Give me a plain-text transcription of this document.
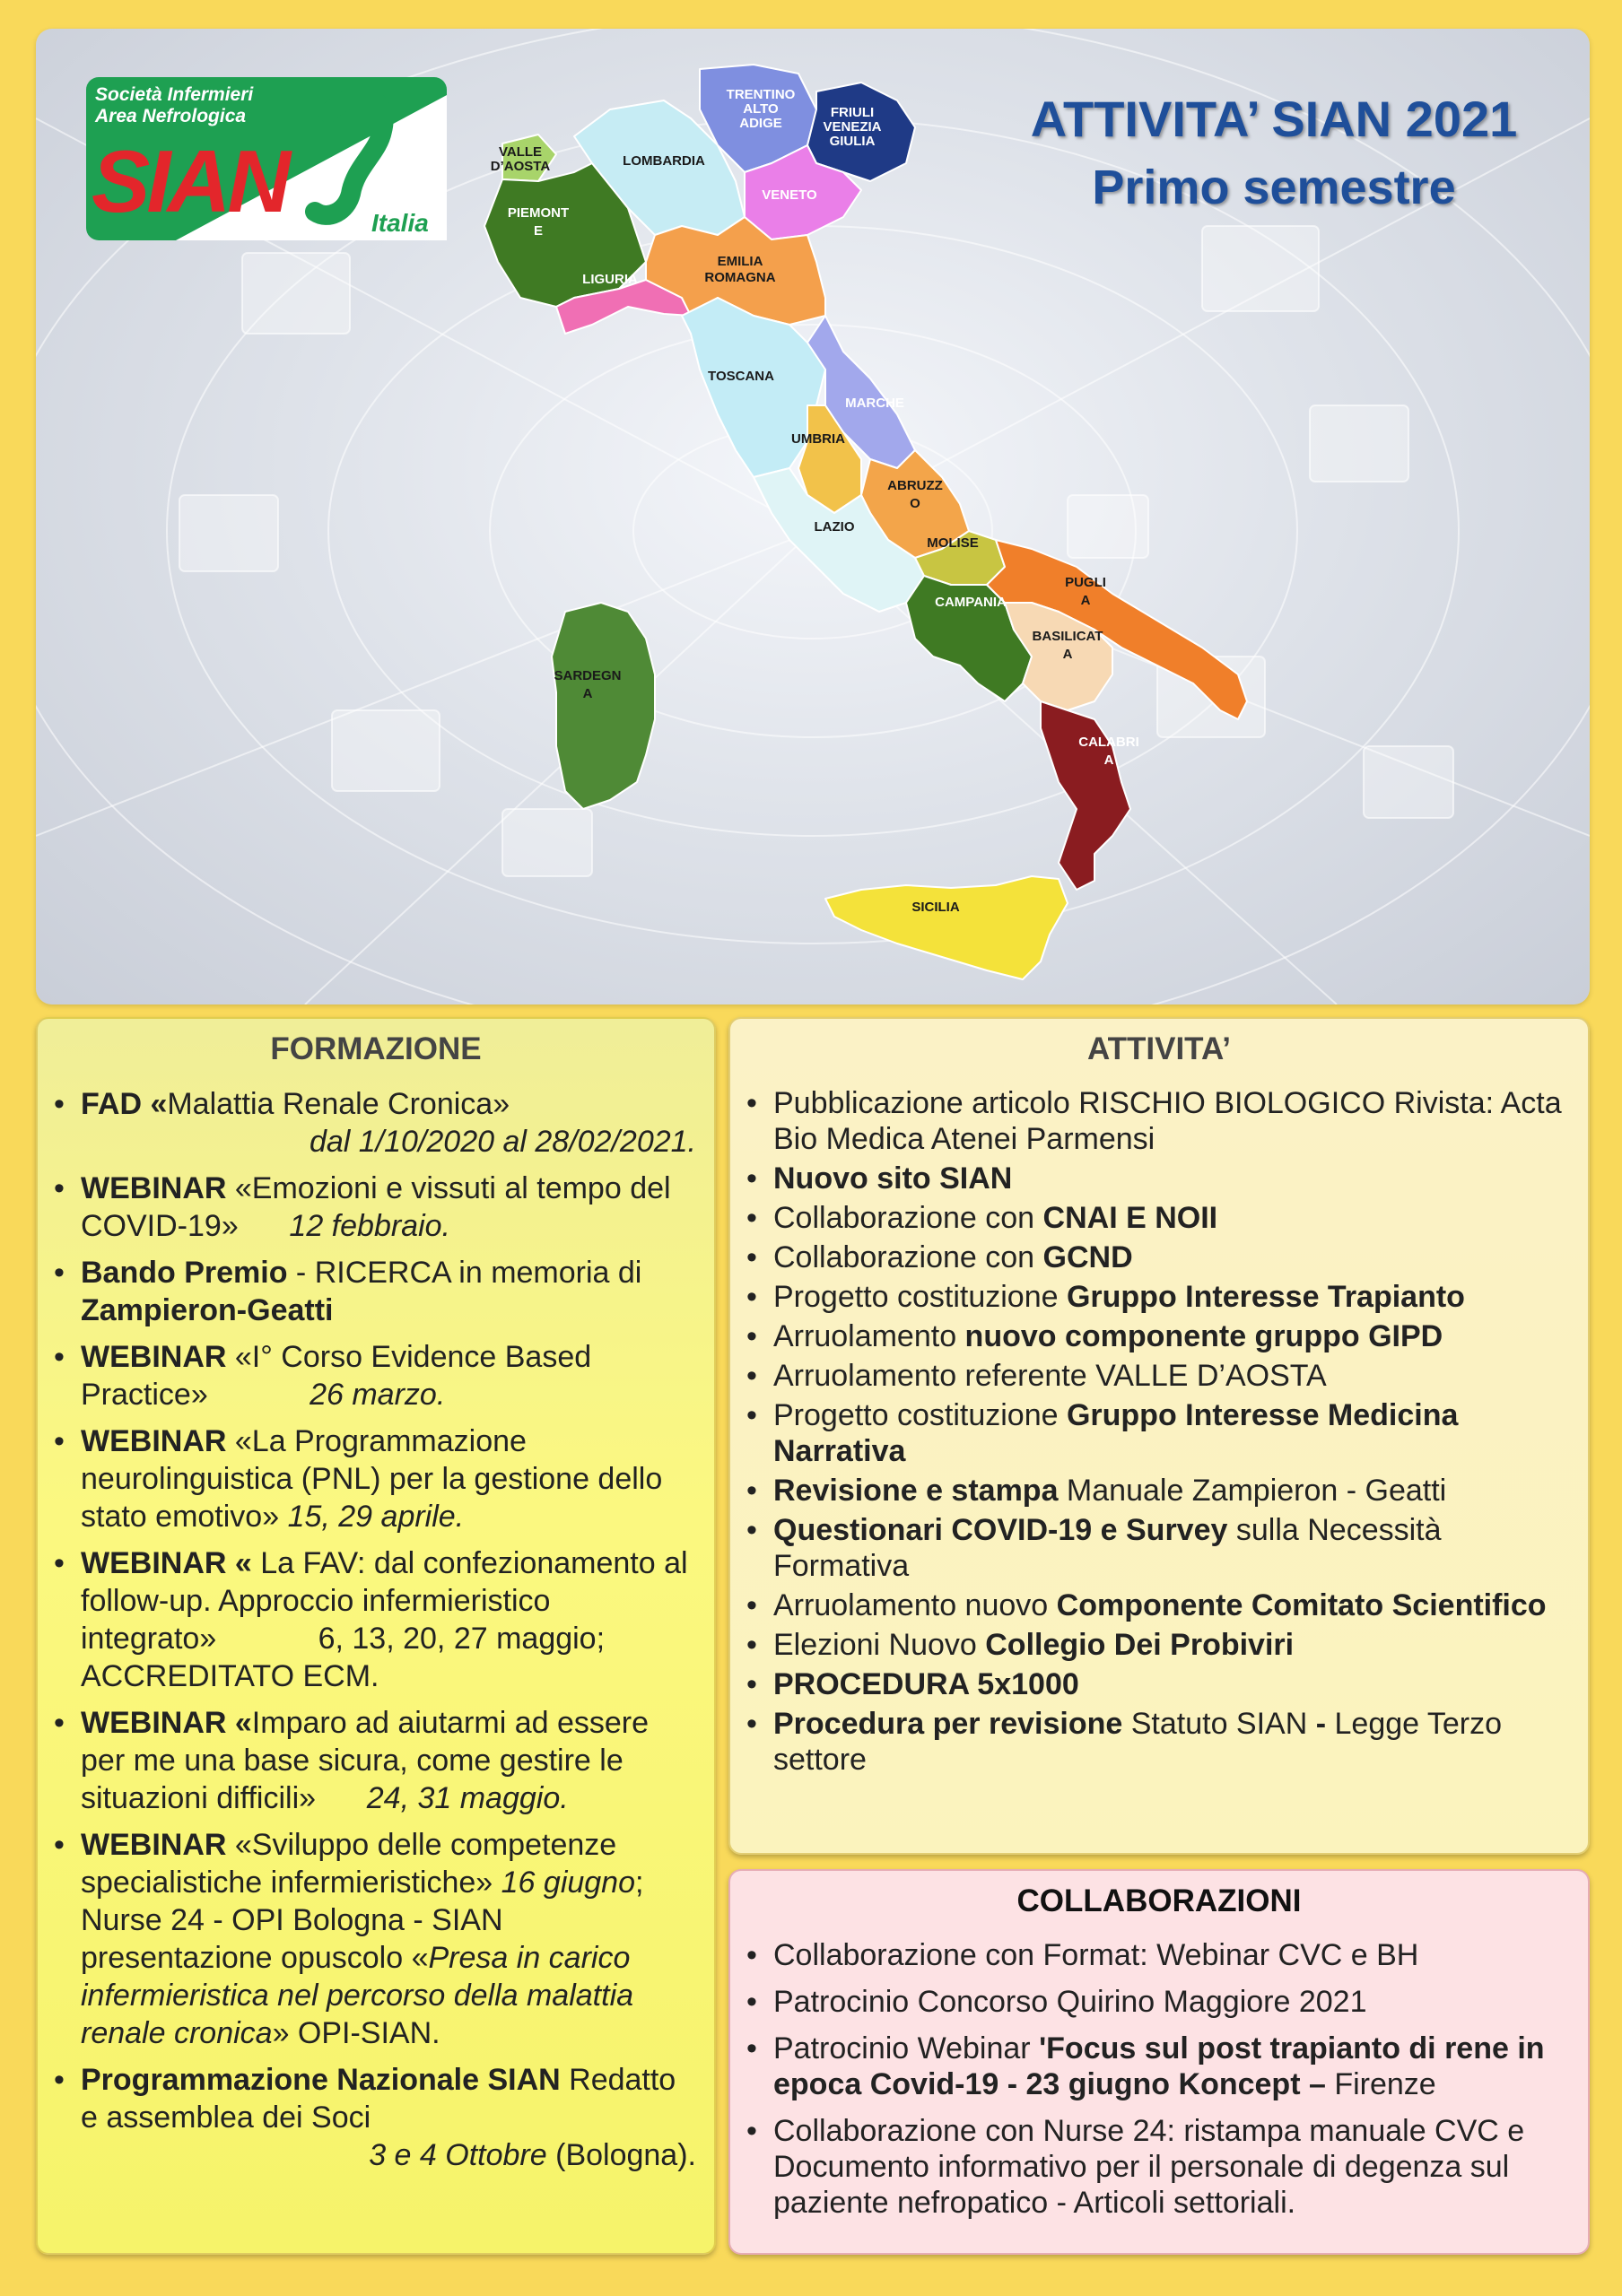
Società Infermieri
Area Nefrologica
SIAN	Italia
ATTIVITA’ SIAN 2021
Primo semestre
VALLE D’AOSTA
PIEMONT E
LOMBARDIA
TRENTINO ALTO ADIGE
FRIULI VENEZIA GIULIA
VENETO
LIGURIA
EMILIA ROMAGNA
TOSCANA
MARCHE
UMBRIA
ABRUZZ O
LAZIO
MOLISE
CAMPANIA
PUGLI A
BASILICAT A
CALABRI A
SARDEGN A
SICILIA
FORMAZIONE
• FAD «Malattia Renale Cronica»
dal 1/10/2020 al 28/02/2021.
• WEBINAR «Emozioni e vissuti al tempo del COVID-19» 12 febbraio.
• Bando Premio - RICERCA in memoria di Zampieron-Geatti
• WEBINAR «I° Corso Evidence Based Practice»	26 marzo.
• WEBINAR «La Programmazione neurolinguistica (PNL) per la gestione dello stato emotivo» 15, 29 aprile.
• WEBINAR « La FAV: dal confezionamento al follow-up. Approccio infermieristico integrato»	6, 13, 20, 27 maggio; ACCREDITATO ECM.
• WEBINAR «Imparo ad aiutarmi ad essere per me una base sicura, come gestire le situazioni difficili» 24, 31 maggio.
• WEBINAR «Sviluppo delle competenze specialistiche infermieristiche» 16 giugno; Nurse 24 - OPI Bologna - SIAN presentazione opuscolo «Presa in carico infermieristica nel percorso della malattia renale cronica» OPI-SIAN.
• Programmazione Nazionale SIAN Redatto e assemblea dei Soci
3 e 4 Ottobre (Bologna).
ATTIVITA’
• Pubblicazione articolo RISCHIO BIOLOGICO Rivista: Acta Bio Medica Atenei Parmensi
• Nuovo sito SIAN
• Collaborazione con CNAI E NOII
• Collaborazione con GCND
• Progetto costituzione Gruppo Interesse Trapianto
• Arruolamento nuovo componente gruppo GIPD
• Arruolamento referente VALLE D’AOSTA
• Progetto costituzione Gruppo Interesse Medicina Narrativa
• Revisione e stampa Manuale Zampieron - Geatti
• Questionari COVID-19 e Survey sulla Necessità Formativa
• Arruolamento nuovo Componente Comitato Scientifico
• Elezioni Nuovo Collegio Dei Probiviri
• PROCEDURA 5x1000
• Procedura per revisione Statuto SIAN - Legge Terzo settore
COLLABORAZIONI
• Collaborazione con Format: Webinar CVC e BH
• Patrocinio Concorso Quirino Maggiore 2021
• Patrocinio Webinar 'Focus sul post trapianto di rene in epoca Covid-19 - 23 giugno Koncept – Firenze
• Collaborazione con Nurse 24: ristampa manuale CVC e Documento informativo per il personale di degenza sul paziente nefropatico - Articoli settoriali.
